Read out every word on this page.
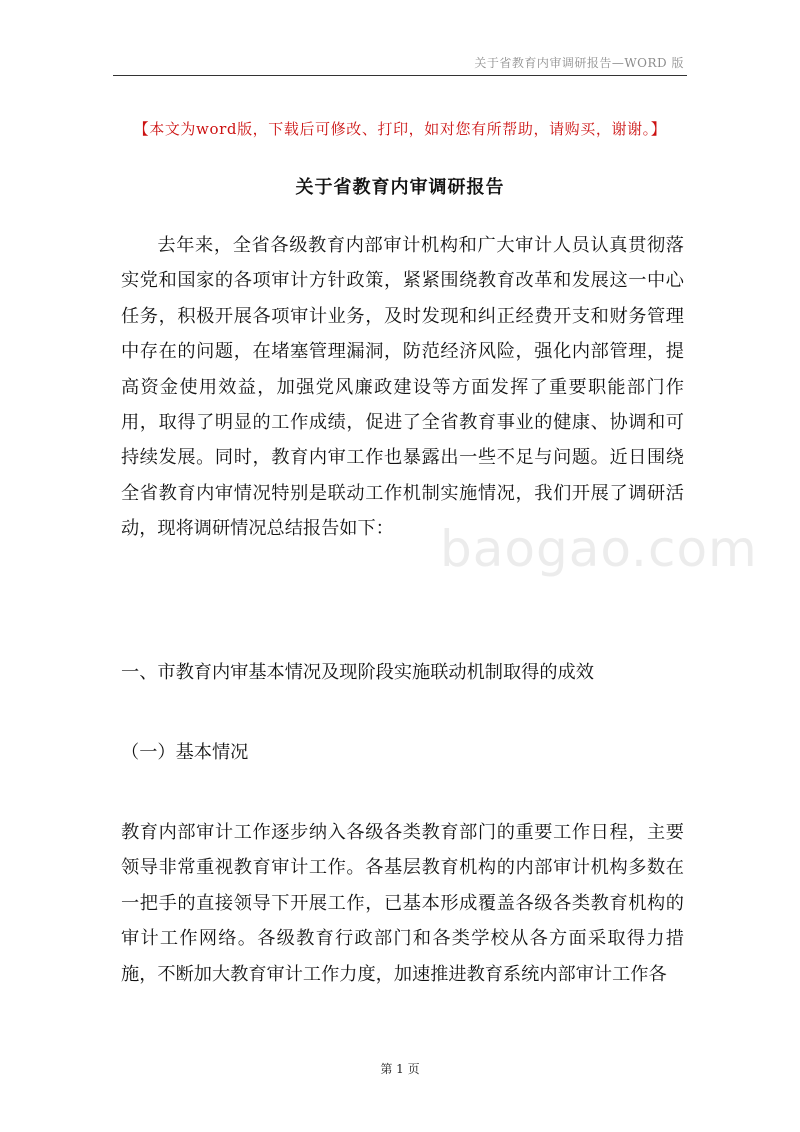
关于省教育内审调研报告—WORD 版
【本文为word版，下载后可修改、打印，如对您有所帮助，请购买，谢谢。】
关于省教育内审调研报告

去年来，全省各级教育内部审计机构和广大审计人员认真贯彻落实党和国家的各项审计方针政策，紧紧围绕教育改革和发展这一中心任务，积极开展各项审计业务，及时发现和纠正经费开支和财务管理中存在的问题，在堵塞管理漏洞，防范经济风险，强化内部管理，提高资金使用效益，加强党风廉政建设等方面发挥了重要职能部门作用，取得了明显的工作成绩，促进了全省教育事业的健康、协调和可持续发展。同时，教育内审工作也暴露出一些不足与问题。近日围绕全省教育内审情况特别是联动工作机制实施情况，我们开展了调研活动，现将调研情况总结报告如下： baogao.com

一、市教育内审基本情况及现阶段实施联动机制取得的成效

（一）基本情况

教育内部审计工作逐步纳入各级各类教育部门的重要工作日程，主要领导非常重视教育审计工作。各基层教育机构的内部审计机构多数在一把手的直接领导下开展工作，已基本形成覆盖各级各类教育机构的审计工作网络。各级教育行政部门和各类学校从各方面采取得力措施，不断加大教育审计工作力度，加速推进教育系统内部审计工作各

第 1 页
